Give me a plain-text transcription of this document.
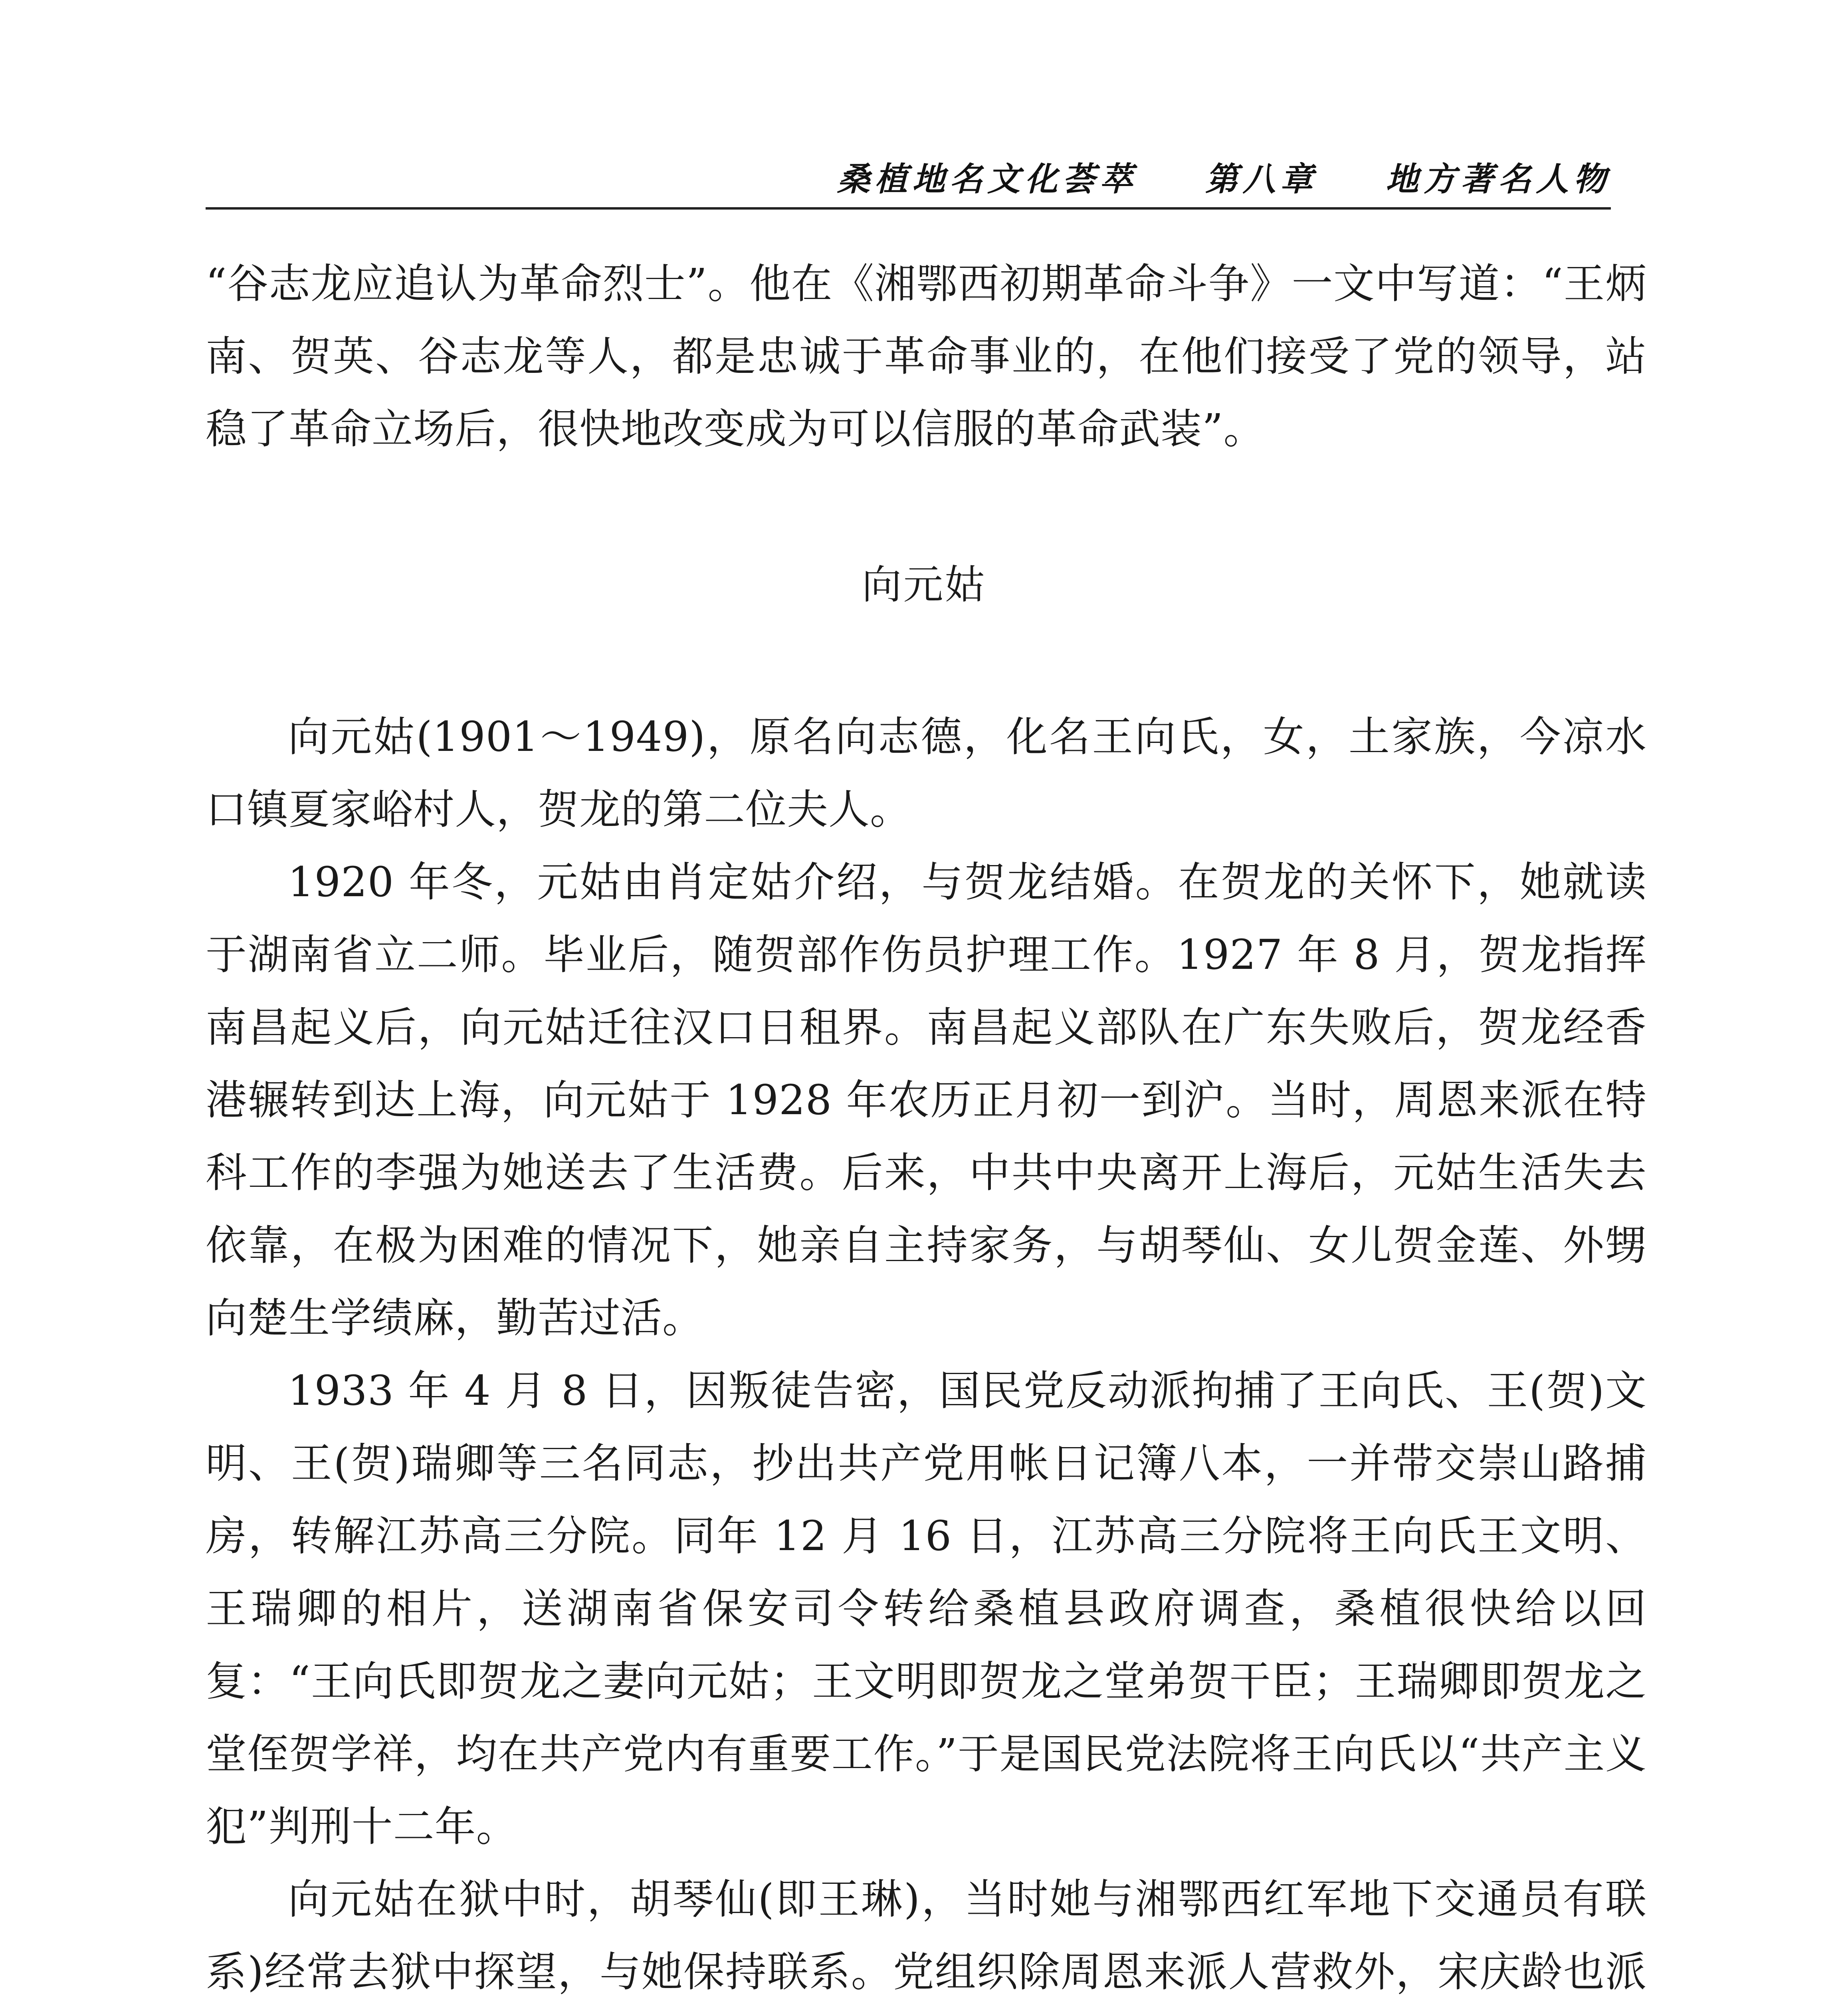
桑植地名文化荟萃 第八章 地方著名人物

“谷志龙应追认为革命烈士”。他在《湘鄂西初期革命斗争》一文中写道：“王炳南、贺英、谷志龙等人，都是忠诚于革命事业的，在他们接受了党的领导，站稳了革命立场后，很快地改变成为可以信服的革命武装”。

向元姑

向元姑(1901～1949)，原名向志德，化名王向氏，女，土家族，今凉水口镇夏家峪村人，贺龙的第二位夫人。

1920 年冬，元姑由肖定姑介绍，与贺龙结婚。在贺龙的关怀下，她就读于湖南省立二师。毕业后，随贺部作伤员护理工作。1927 年 8 月，贺龙指挥南昌起义后，向元姑迁往汉口日租界。南昌起义部队在广东失败后，贺龙经香港辗转到达上海，向元姑于 1928 年农历正月初一到沪。当时，周恩来派在特科工作的李强为她送去了生活费。后来，中共中央离开上海后，元姑生活失去依靠，在极为困难的情况下，她亲自主持家务，与胡琴仙、女儿贺金莲、外甥向楚生学绩麻，勤苦过活。

1933 年 4 月 8 日，因叛徒告密，国民党反动派拘捕了王向氏、王(贺)文明、王(贺)瑞卿等三名同志，抄出共产党用帐日记簿八本，一并带交崇山路捕房，转解江苏高三分院。同年 12 月 16 日，江苏高三分院将王向氏王文明、王瑞卿的相片，送湖南省保安司令转给桑植县政府调查，桑植很快给以回复：“王向氏即贺龙之妻向元姑；王文明即贺龙之堂弟贺干臣；王瑞卿即贺龙之堂侄贺学祥，均在共产党内有重要工作。”于是国民党法院将王向氏以“共产主义犯”判刑十二年。

向元姑在狱中时，胡琴仙(即王琳)，当时她与湘鄂西红军地下交通员有联系)经常去狱中探望，与她保持联系。党组织除周恩来派人营救外，宋庆龄也派
